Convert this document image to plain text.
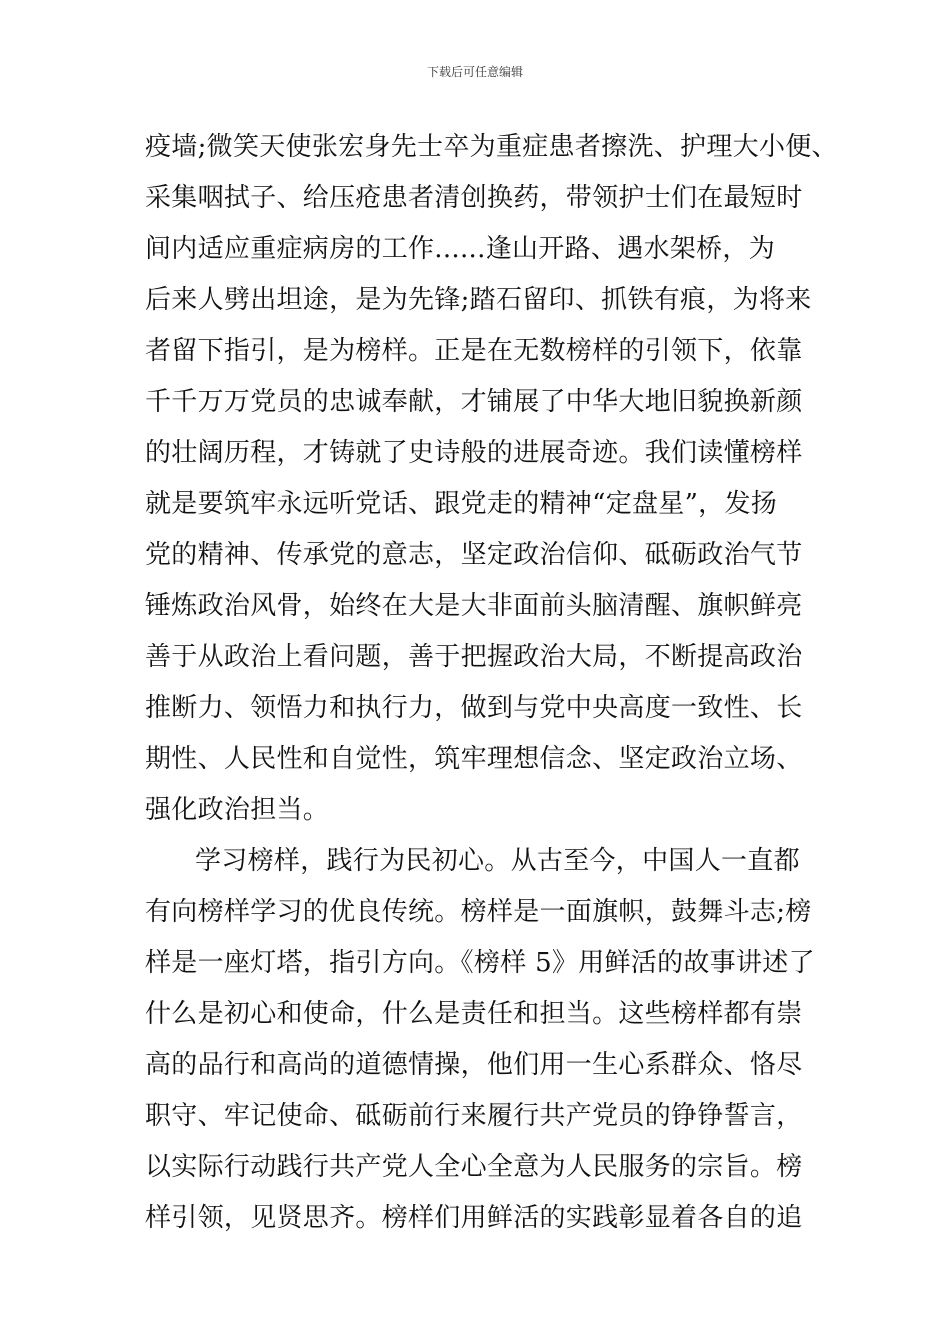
下载后可任意编辑
疫墙;微笑天使张宏身先士卒为重症患者擦洗、护理大小便、
采集咽拭子、给压疮患者清创换药，带领护士们在最短时
间内适应重症病房的工作......逢山开路、遇水架桥，为
后来人劈出坦途，是为先锋;踏石留印、抓铁有痕，为将来
者留下指引，是为榜样。正是在无数榜样的引领下，依靠
千千万万党员的忠诚奉献，才铺展了中华大地旧貌换新颜
的壮阔历程，才铸就了史诗般的进展奇迹。我们读懂榜样
就是要筑牢永远听党话、跟党走的精神“定盘星”，发扬
党的精神、传承党的意志，坚定政治信仰、砥砺政治气节
锤炼政治风骨，始终在大是大非面前头脑清醒、旗帜鲜亮
善于从政治上看问题，善于把握政治大局，不断提高政治
推断力、领悟力和执行力，做到与党中央高度一致性、长
期性、人民性和自觉性，筑牢理想信念、坚定政治立场、
强化政治担当。
学习榜样，践行为民初心。从古至今，中国人一直都
有向榜样学习的优良传统。榜样是一面旗帜，鼓舞斗志;榜
样是一座灯塔，指引方向。《榜样 5》用鲜活的故事讲述了
什么是初心和使命，什么是责任和担当。这些榜样都有崇
高的品行和高尚的道德情操，他们用一生心系群众、恪尽
职守、牢记使命、砥砺前行来履行共产党员的铮铮誓言，
以实际行动践行共产党人全心全意为人民服务的宗旨。榜
样引领，见贤思齐。榜样们用鲜活的实践彰显着各自的追
